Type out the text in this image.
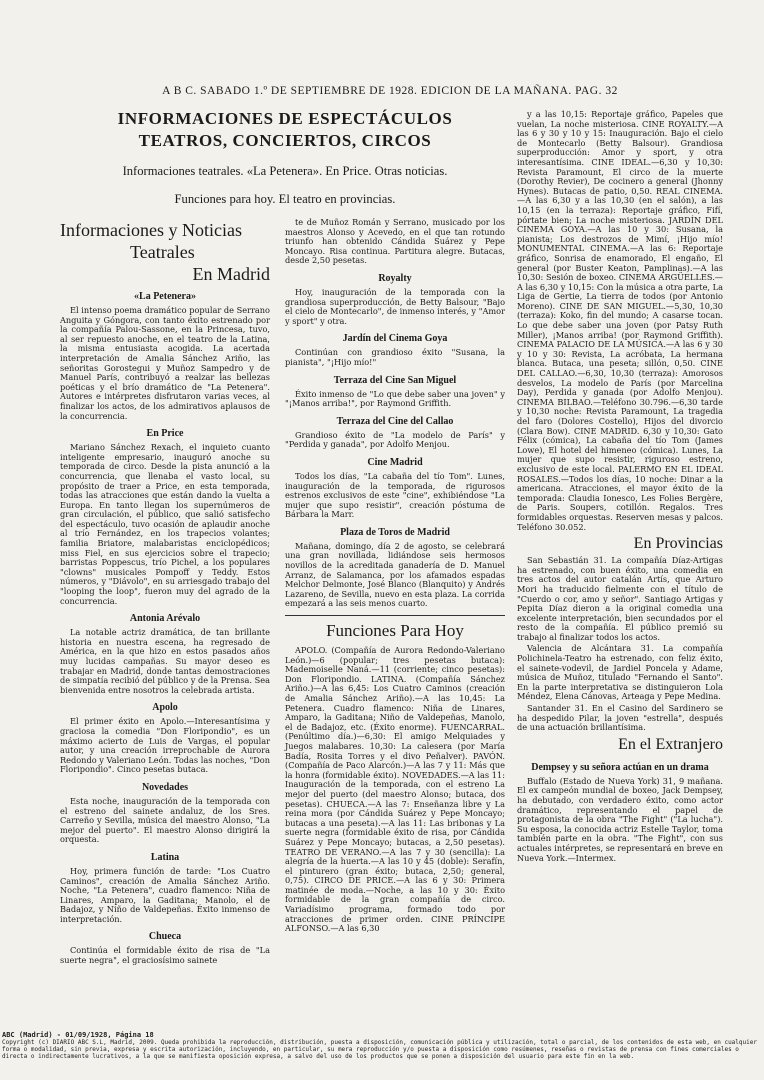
A B C. SABADO 1.º DE SEPTIEMBRE DE 1928. EDICION DE LA MAÑANA. PAG. 32
INFORMACIONES DE ESPECTÁCULOS
TEATROS, CONCIERTOS, CIRCOS
Informaciones teatrales. «La Petenera». En Price. Otras noticias.
Funciones para hoy. El teatro en provincias.
Informaciones y Noticias
Teatrales
En Madrid
«La Petenera»

El intenso poema dramático popular de Serrano Anguita y Góngora, con tanto éxito estrenado por la compañía Palou-Sassone, en la Princesa, tuvo, al ser repuesto anoche, en el teatro de la Latina, la misma entusiasta acogida. La acertada interpretación de Amalia Sánchez Ariño, las señoritas Gorostegui y Muñoz Sampedro y de Manuel París, contribuyó a realzar las bellezas poéticas y el brío dramático de "La Petenera". Autores e intérpretes disfrutaron varias veces, al finalizar los actos, de los admirativos aplausos de la concurrencia.

En Price

Mariano Sánchez Rexach, el inquieto cuanto inteligente empresario, inauguró anoche su temporada de circo. Desde la pista anunció a la concurrencia, que llenaba el vasto local, su propósito de traer a Price, en esta temporada, todas las atracciones que están dando la vuelta a Europa. En tanto llegan los supernúmeros de gran circulación, el público, que salió satisfecho del espectáculo, tuvo ocasión de aplaudir anoche al trío Fernández, en los trapecios volantes; familia Briatore, malabaristas enciclopédicos; miss Fiel, en sus ejercicios sobre el trapecio; barristas Poppescus, trío Pichel, a los populares "clowns" musicales Pompoff y Teddy. Estos números, y "Diávolo", en su arriesgado trabajo del "looping the loop", fueron muy del agrado de la concurrencia.

Antonia Arévalo

La notable actriz dramática, de tan brillante historia en nuestra escena, ha regresado de América, en la que hizo en estos pasados años muy lucidas campañas. Su mayor deseo es trabajar en Madrid, donde tantas demostraciones de simpatía recibió del público y de la Prensa. Sea bienvenida entre nosotros la celebrada artista.

Apolo

El primer éxito en Apolo.—Interesantísima y graciosa la comedia "Don Floripondio", es un máximo acierto de Luis de Vargas, el popular autor, y una creación irreprochable de Aurora Redondo y Valeriano León. Todas las noches, "Don Floripondio". Cinco pesetas butaca.

Novedades

Esta noche, inauguración de la temporada con el estreno del sainete andaluz, de los Sres. Carreño y Sevilla, música del maestro Alonso, "La mejor del puerto". El maestro Alonso dirigirá la orquesta.

Latina

Hoy, primera función de tarde: "Los Cuatro Caminos", creación de Amalia Sánchez Ariño. Noche, "La Petenera", cuadro flamenco: Niña de Linares, Amparo, la Gaditana; Manolo, el de Badajoz, y Niño de Valdepeñas. Éxito inmenso de interpretación.

Chueca

Continúa el formidable éxito de risa de "La suerte negra", el graciosísimo sainete

te de Muñoz Román y Serrano, musicado por los maestros Alonso y Acevedo, en el que tan rotundo triunfo han obtenido Cándida Suárez y Pepe Moncayo. Risa continua. Partitura alegre. Butacas, desde 2,50 pesetas.

Royalty

Hoy, inauguración de la temporada con la grandiosa superproducción, de Betty Balsour, "Bajo el cielo de Montecarlo", de inmenso interés, y "Amor y sport" y otra.

Jardín del Cinema Goya

Continúan con grandioso éxito "Susana, la pianista", "¡Hijo mío!"

Terraza del Cine San Miguel

Éxito inmenso de "Lo que debe saber una joven" y "¡Manos arriba!", por Raymond Griffith.

Terraza del Cine del Callao

Grandioso éxito de "La modelo de París" y "Perdida y ganada", por Adolfo Menjou.

Cine Madrid

Todos los días, "La cabaña del tío Tom". Lunes, inauguración de la temporada, de rigurosos estrenos exclusivos de este "cine", exhibiéndose "La mujer que supo resistir", creación póstuma de Bárbara la Marr.

Plaza de Toros de Madrid

Mañana, domingo, día 2 de agosto, se celebrará una gran novillada, lidiándose seis hermosos novillos de la acreditada ganadería de D. Manuel Arranz, de Salamanca, por los afamados espadas Melchor Delmonte, José Blanco (Blanquito) y Andrés Lazareno, de Sevilla, nuevo en esta plaza. La corrida empezará a las seis menos cuarto.

Funciones Para Hoy

APOLO. (Compañía de Aurora Redondo-Valeriano León.)—6 (popular; tres pesetas butaca): Mademoiselle Naná.—11 (corriente; cinco pesetas): Don Floripondio. LATINA. (Compañía Sánchez Ariño.)—A las 6,45: Los Cuatro Caminos (creación de Amalia Sánchez Ariño).—A las 10,45: La Petenera. Cuadro flamenco: Niña de Linares, Amparo, la Gaditana; Niño de Valdepeñas, Manolo, el de Badajoz, etc. (Éxito enorme). FUENCARRAL. (Penúltimo día.)—6,30: El amigo Melquiades y Juegos malabares. 10,30: La calesera (por María Badía, Rosita Torres y el divo Peñalver). PAVÓN. (Compañía de Paco Alarcón.)—A las 7 y 11: Más que la honra (formidable éxito). NOVEDADES.—A las 11: Inauguración de la temporada, con el estreno La mejor del puerto (del maestro Alonso; butaca, dos pesetas). CHUECA.—A las 7: Enseñanza libre y La reina mora (por Cándida Suárez y Pepe Moncayo; butacas a una peseta).—A las 11: Las bribonas y La suerte negra (formidable éxito de risa, por Cándida Suárez y Pepe Moncayo; butacas, a 2,50 pesetas). TEATRO DE VERANO.—A las 7 y 30 (sencilla): La alegría de la huerta.—A las 10 y 45 (doble): Serafín, el pinturero (gran éxito; butaca, 2,50; general, 0,75). CIRCO DE PRICE.—A las 6 y 30: Primera matinée de moda.—Noche, a las 10 y 30: Éxito formidable de la gran compañía de circo. Variadísimo programa, formado todo por atracciones de primer orden. CINE PRÍNCIPE ALFONSO.—A las 6,30

y a las 10,15: Reportaje gráfico, Papeles que vuelan, La noche misteriosa. CINE ROYALTY.—A las 6 y 30 y 10 y 15: Inauguración. Bajo el cielo de Montecarlo (Betty Balsour). Grandiosa superproducción: Amor y sport, y otra interesantísima. CINE IDEAL.—6,30 y 10,30: Revista Paramount, El circo de la muerte (Dorothy Revier), De cocinero a general (Jhonny Hynes). Butacas de patio, 0,50. REAL CINEMA.—A las 6,30 y a las 10,30 (en el salón), a las 10,15 (en la terraza): Reportaje gráfico, Fifí, pórtate bien; La noche misteriosa. JARDÍN DEL CINEMA GOYA.—A las 10 y 30: Susana, la pianista; Los destrozos de Mimí, ¡Hijo mío! MONUMENTAL CINEMA.—A las 6: Reportaje gráfico, Sonrisa de enamorado, El engaño, El general (por Buster Keaton, Pamplinas).—A las 10,30: Sesión de boxeo. CINEMA ARGÜELLES.—A las 6,30 y 10,15: Con la música a otra parte, La Liga de Gertie, La tierra de todos (por Antonio Moreno). CINE DE SAN MIGUEL.—5,30, 10,30 (terraza): Koko, fin del mundo; A casarse tocan. Lo que debe saber una joven (por Patsy Ruth Miller), ¡Manos arriba! (por Raymond Griffith). CINEMA PALACIO DE LA MÚSICA.—A las 6 y 30 y 10 y 30: Revista, La acróbata, La hermana blanca. Butaca, una peseta; sillón, 0,50. CINE DEL CALLAO.—6,30, 10,30 (terraza): Amorosos desvelos, La modelo de París (por Marcelina Day), Perdida y ganada (por Adolfo Menjou). CINEMA BILBAO.—Teléfono 30.796.—6,30 tarde y 10,30 noche: Revista Paramount, La tragedia del faro (Dolores Costello), Hijos del divorcio (Clara Bow). CINE MADRID. 6,30 y 10,30: Gato Félix (cómica), La cabaña del tío Tom (James Lowe), El hotel del himeneo (cómica). Lunes, La mujer que supo resistir, riguroso estreno, exclusivo de este local. PALERMO EN EL IDEAL ROSALES.—Todos los días, 10 noche: Dinar a la americana. Atracciones, el mayor éxito de la temporada: Claudia Ionesco, Les Folies Bergère, de Paris. Soupers, cotillón. Regalos. Tres formidables orquestas. Reserven mesas y palcos. Teléfono 30.052.

En Provincias

San Sebastián 31. La compañía Díaz-Artigas ha estrenado, con buen éxito, una comedia en tres actos del autor catalán Artís, que Arturo Mori ha traducido fielmente con el título de "Cuerdo o cor, amo y señor". Santiago Artigas y Pepita Díaz dieron a la original comedia una excelente interpretación, bien secundados por el resto de la compañía. El público premió su trabajo al finalizar todos los actos.

Valencia de Alcántara 31. La compañía Polichinela-Teatro ha estrenado, con feliz éxito, el sainete-vodevil, de Jardiel Poncela y Adame, música de Muñoz, titulado "Fernando el Santo". En la parte interpretativa se distinguieron Lola Méndez, Elena Cánovas, Arteaga y Pepe Medina.

Santander 31. En el Casino del Sardinero se ha despedido Pilar, la joven "estrella", después de una actuación brillantísima.

En el Extranjero
Dempsey y su señora actúan en un drama

Buffalo (Estado de Nueva York) 31, 9 mañana. El ex campeón mundial de boxeo, Jack Dempsey, ha debutado, con verdadero éxito, como actor dramático, representando el papel de protagonista de la obra "The Fight" ("La lucha"). Su esposa, la conocida actriz Estelle Taylor, toma también parte en la obra. "The Fight", con sus actuales intérpretes, se representará en breve en Nueva York.—Intermex.

ABC (Madrid) - 01/09/1928, Página 18
Copyright (c) DIARIO ABC S.L, Madrid, 2009. Queda prohibida la reproducción, distribución, puesta a disposición, comunicación pública y utilización, total o parcial, de los contenidos de esta web, en cualquier forma o modalidad, sin previa, expresa y escrita autorización, incluyendo, en particular, su mera reproducción y/o puesta a disposición como resúmenes, reseñas o revistas de prensa con fines comerciales o directa o indirectamente lucrativos, a la que se manifiesta oposición expresa, a salvo del uso de los productos que se ponen a disposición del usuario para este fin en la web.
